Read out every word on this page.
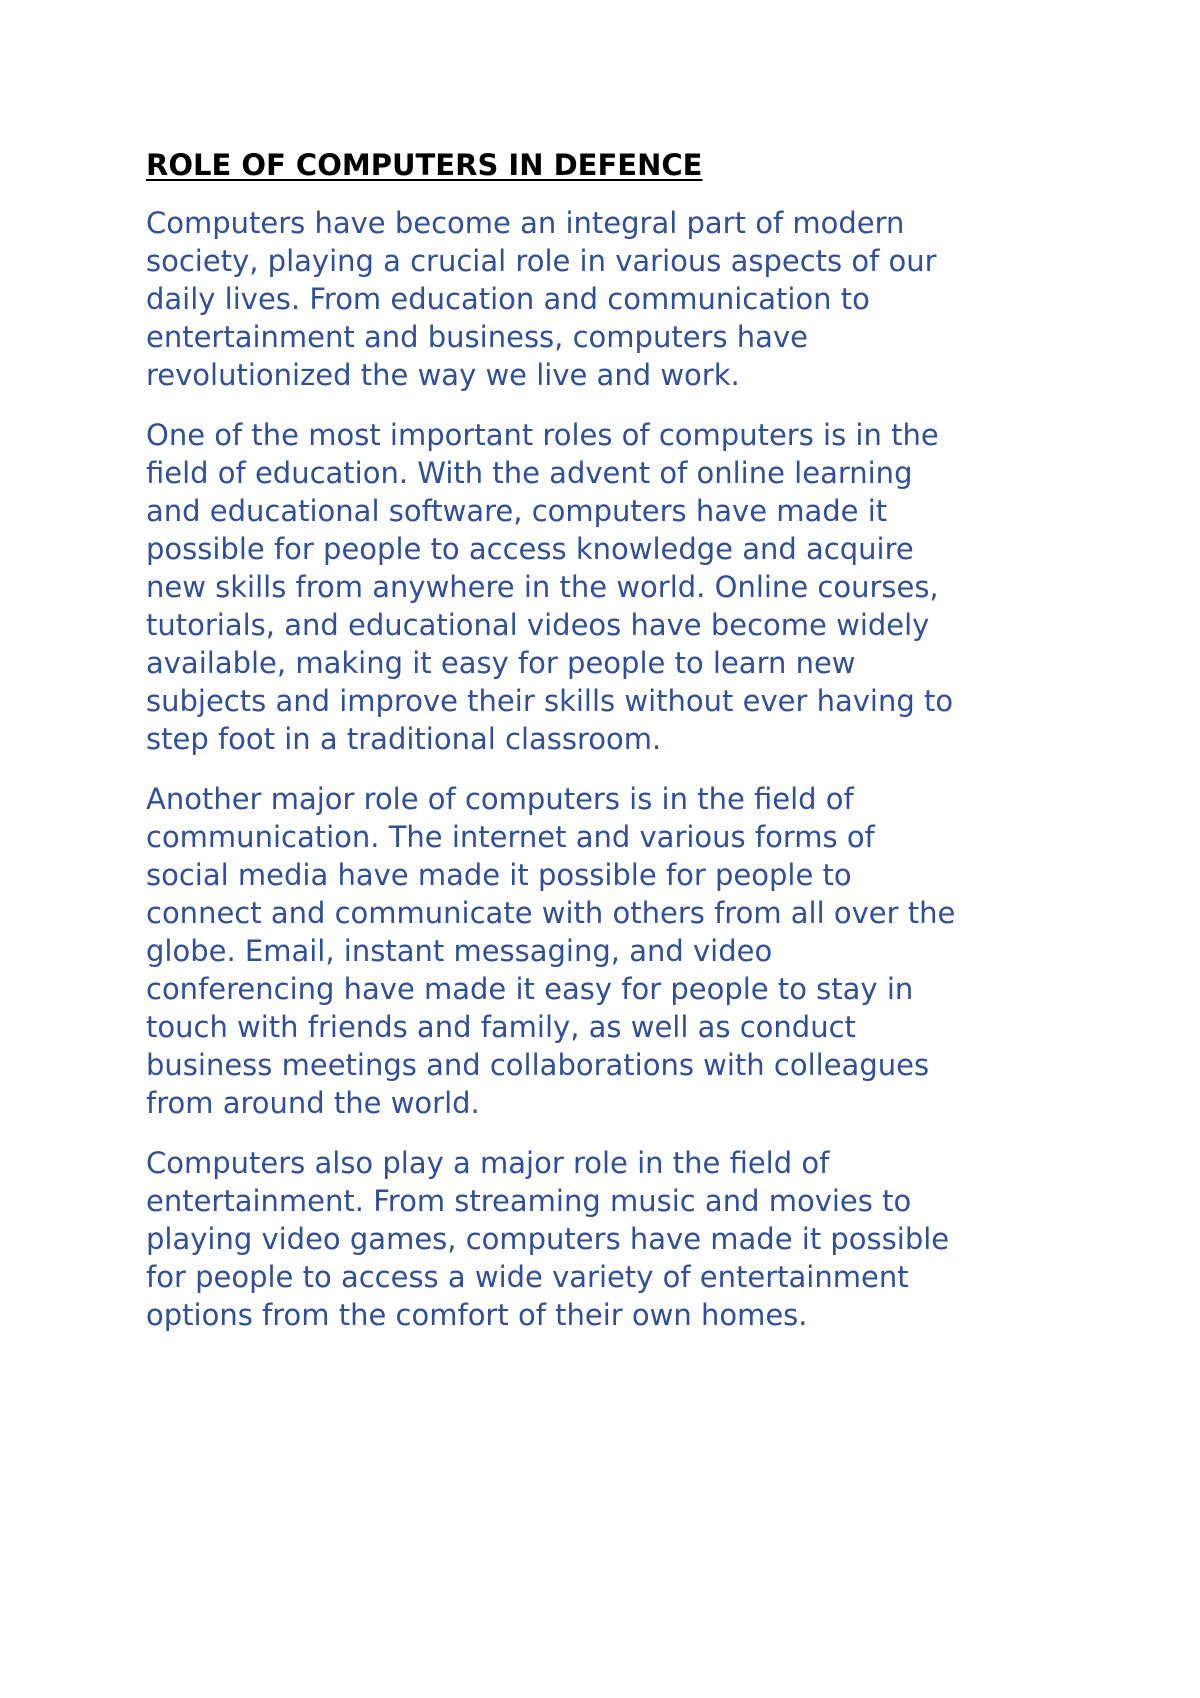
ROLE OF COMPUTERS IN DEFENCE

Computers have become an integral part of modern
society, playing a crucial role in various aspects of our
daily lives. From education and communication to
entertainment and business, computers have
revolutionized the way we live and work.

One of the most important roles of computers is in the
field of education. With the advent of online learning
and educational software, computers have made it
possible for people to access knowledge and acquire
new skills from anywhere in the world. Online courses,
tutorials, and educational videos have become widely
available, making it easy for people to learn new
subjects and improve their skills without ever having to
step foot in a traditional classroom.

Another major role of computers is in the field of
communication. The internet and various forms of
social media have made it possible for people to
connect and communicate with others from all over the
globe. Email, instant messaging, and video
conferencing have made it easy for people to stay in
touch with friends and family, as well as conduct
business meetings and collaborations with colleagues
from around the world.

Computers also play a major role in the field of
entertainment. From streaming music and movies to
playing video games, computers have made it possible
for people to access a wide variety of entertainment
options from the comfort of their own homes.
